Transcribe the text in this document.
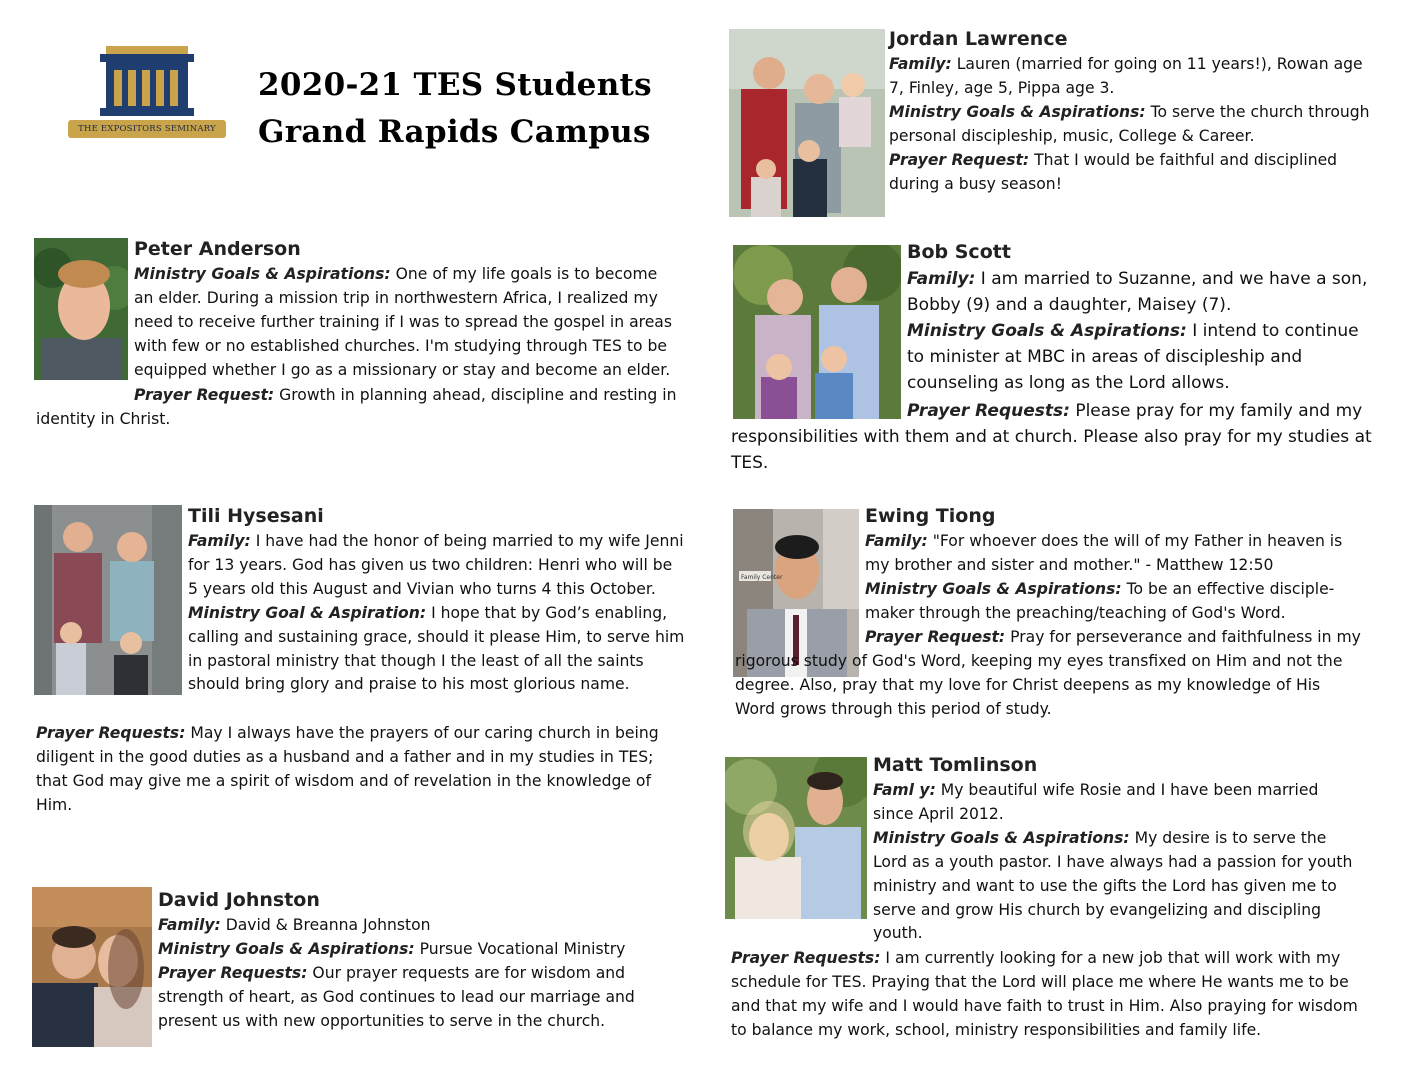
THE EXPOSITORS SEMINARY
2020-21 TES Students
Grand Rapids Campus
Peter Anderson

Ministry Goals & Aspirations: One of my life goals is to become an elder. During a mission trip in northwestern Africa, I realized my need to receive further training if I was to spread the gospel in areas with few or no established churches. I'm studying through TES to be equipped whether I go as a missionary or stay and become an elder.

Prayer Request: Growth in planning ahead, discipline and resting in identity in Christ.

Tili Hysesani

Family: I have had the honor of being married to my wife Jenni for 13 years. God has given us two children: Henri who will be 5 years old this August and Vivian who turns 4 this October.

Ministry Goal & Aspiration: I hope that by God’s enabling, calling and sustaining grace, should it please Him, to serve him in pastoral ministry that though I the least of all the saints should bring glory and praise to his most glorious name.

Prayer Requests: May I always have the prayers of our caring church in being diligent in the good duties as a husband and a father and in my studies in TES; that God may give me a spirit of wisdom and of revelation in the knowledge of Him.

David Johnston

Family: David & Breanna Johnston

Ministry Goals & Aspirations: Pursue Vocational Ministry

Prayer Requests: Our prayer requests are for wisdom and strength of heart, as God continues to lead our marriage and present us with new opportunities to serve in the church.

Jordan Lawrence

Family: Lauren (married for going on 11 years!), Rowan age 7, Finley, age 5, Pippa age 3.

Ministry Goals & Aspirations: To serve the church through personal discipleship, music, College & Career.

Prayer Request: That I would be faithful and disciplined during a busy season!

Bob Scott

Family: I am married to Suzanne, and we have a son, Bobby (9) and a daughter, Maisey (7).

Ministry Goals & Aspirations: I intend to continue to minister at MBC in areas of discipleship and counseling as long as the Lord allows.

Prayer Requests: Please pray for my family and my responsibilities with them and at church. Please also pray for my studies at TES.

Family Center
Ewing Tiong

Family: "For whoever does the will of my Father in heaven is my brother and sister and mother." - Matthew 12:50

Ministry Goals & Aspirations: To be an effective disciple-maker through the preaching/teaching of God's Word.

Prayer Request: Pray for perseverance and faithfulness in my rigorous study of God's Word, keeping my eyes transfixed on Him and not the degree. Also, pray that my love for Christ deepens as my knowledge of His Word grows through this period of study.

Matt Tomlinson

Faml y: My beautiful wife Rosie and I have been married since April 2012.

Ministry Goals & Aspirations: My desire is to serve the Lord as a youth pastor. I have always had a passion for youth ministry and want to use the gifts the Lord has given me to serve and grow His church by evangelizing and discipling youth.

Prayer Requests: I am currently looking for a new job that will work with my schedule for TES. Praying that the Lord will place me where He wants me to be and that my wife and I would have faith to trust in Him. Also praying for wisdom to balance my work, school, ministry responsibilities and family life.
